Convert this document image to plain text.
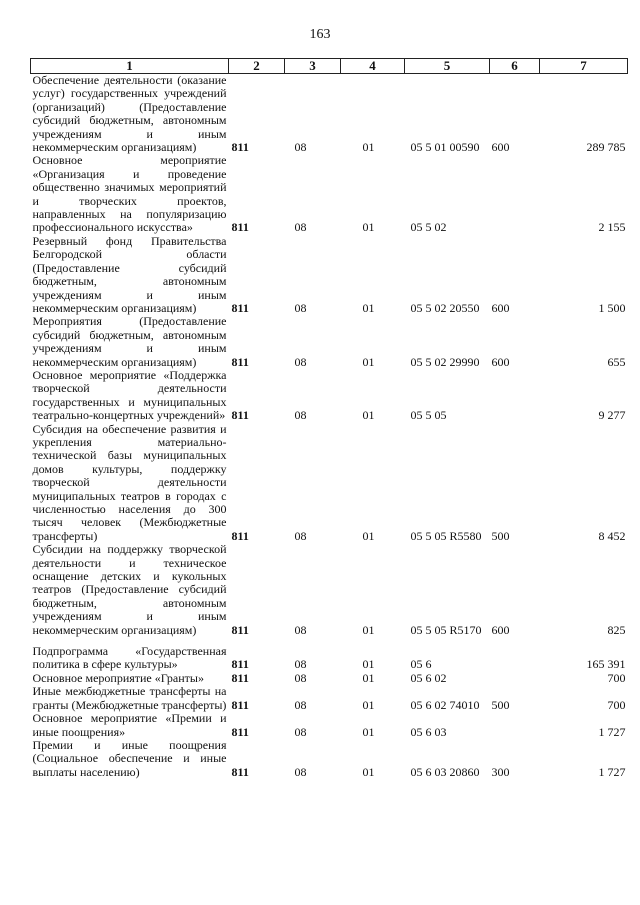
163
1	2	3	4	5	6	7

Обеспечение деятельности (оказание услуг) государственных учреждений (организаций) (Предоставление субсидий бюджетным, автономным учреждениям и иным некоммерческим организациям)	811	08	01	05 5 01 00590	600	289 785

Основное мероприятие «Организация и проведение общественно значимых мероприятий и творческих проектов, направленных на популяризацию профессионального искусства»	811	08	01	05 5 02		2 155

Резервный фонд Правительства Белгородской области (Предоставление субсидий бюджетным, автономным учреждениям и иным некоммерческим организациям)	811	08	01	05 5 02 20550	600	1 500

Мероприятия (Предоставление субсидий бюджетным, автономным учреждениям и иным некоммерческим организациям)	811	08	01	05 5 02 29990	600	655

Основное мероприятие «Поддержка творческой деятельности государственных и муниципальных театрально-концертных учреждений»	811	08	01	05 5 05		9 277

Субсидия на обеспечение развития и укрепления материально-технической базы муниципальных домов культуры, поддержку творческой деятельности муниципальных театров в городах с численностью населения до 300 тысяч человек (Межбюджетные трансферты)	811	08	01	05 5 05 R5580	500	8 452

Субсидии на поддержку творческой деятельности и техническое оснащение детских и кукольных театров (Предоставление субсидий бюджетным, автономным учреждениям и иным некоммерческим организациям)	811	08	01	05 5 05 R5170	600	825

Подпрограмма «Государственная политика в сфере культуры»	811	08	01	05 6		165 391

Основное мероприятие «Гранты»	811	08	01	05 6 02		700

Иные межбюджетные трансферты на гранты (Межбюджетные трансферты)	811	08	01	05 6 02 74010	500	700

Основное мероприятие «Премии и иные поощрения»	811	08	01	05 6 03		1 727

Премии и иные поощрения (Социальное обеспечение и иные выплаты населению)	811	08	01	05 6 03 20860	300	1 727
